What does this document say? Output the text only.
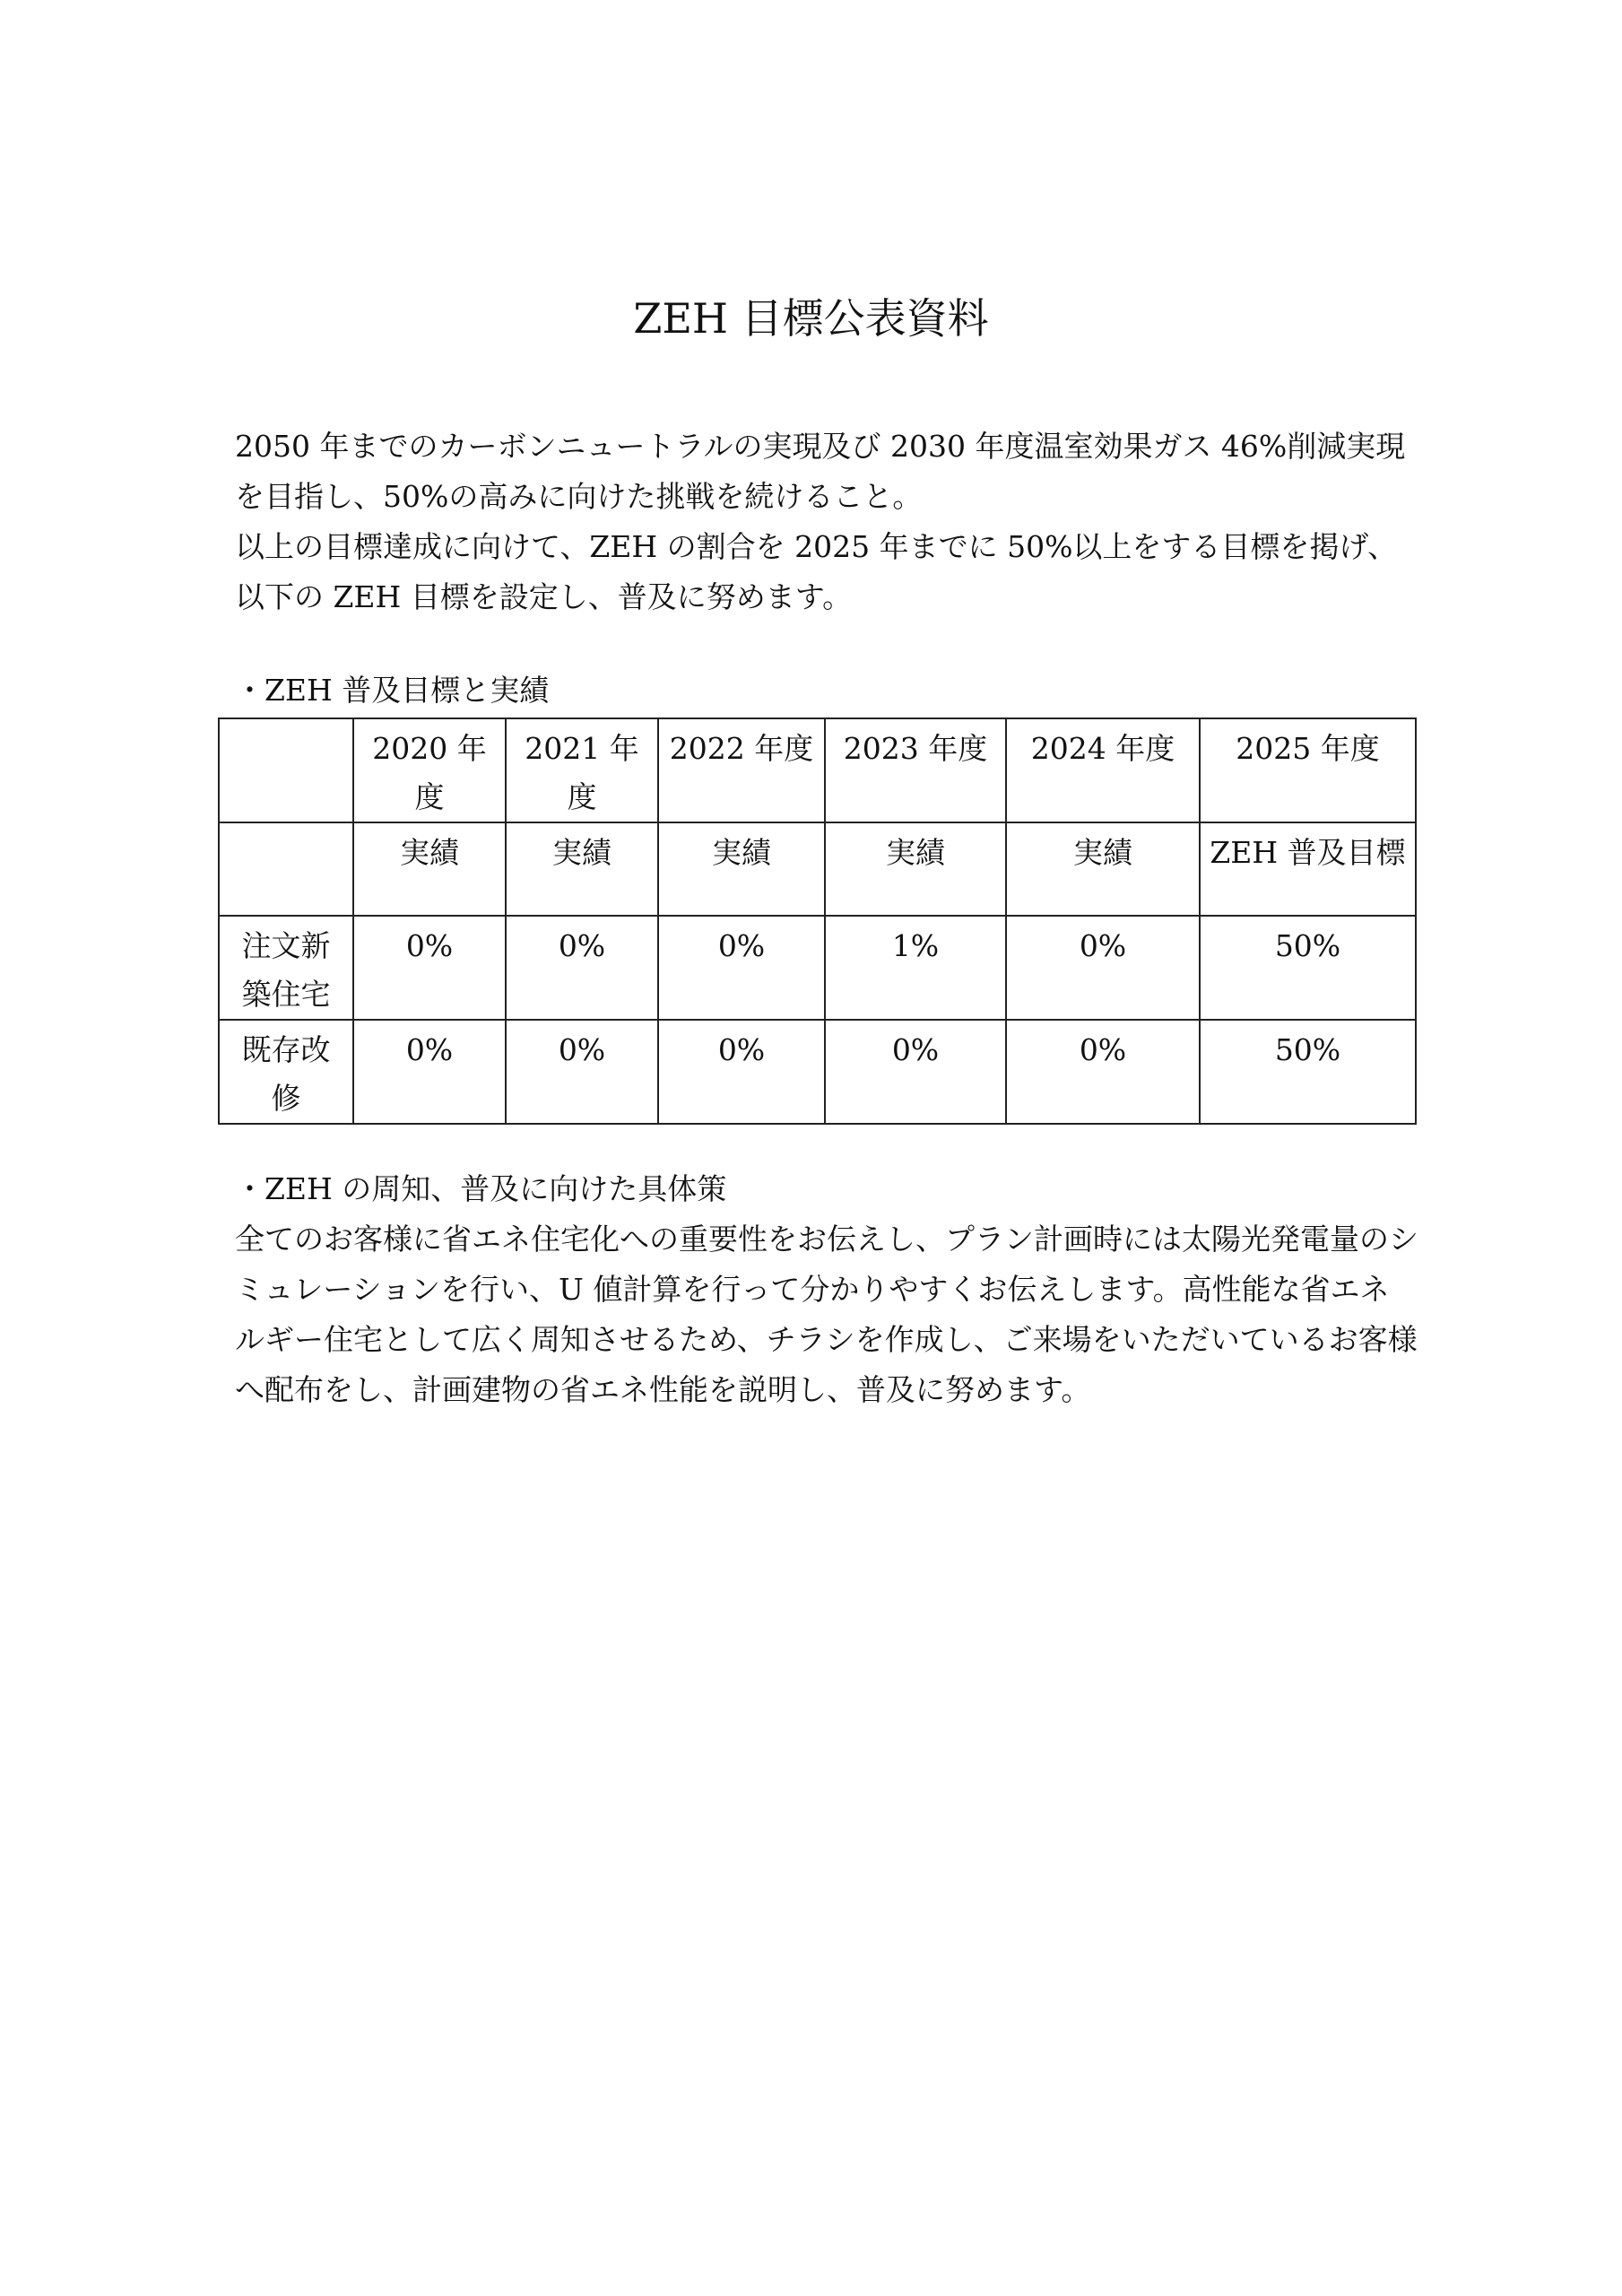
ZEH 目標公表資料

2050 年までのカーボンニュートラルの実現及び 2030 年度温室効果ガス 46%削減実現を目指し、50%の高みに向けた挑戦を続けること。

以上の目標達成に向けて、ZEH の割合を 2025 年までに 50%以上をする目標を掲げ、以下の ZEH 目標を設定し、普及に努めます。

・ZEH 普及目標と実績
	2020 年度	2021 年度	2022 年度	2023 年度	2024 年度	2025 年度
	実績	実績	実績	実績	実績	ZEH 普及目標
注文新築住宅	0%	0%	0%	1%	0%	50%
既存改修	0%	0%	0%	0%	0%	50%
・ZEH の周知、普及に向けた具体策

全てのお客様に省エネ住宅化への重要性をお伝えし、プラン計画時には太陽光発電量のシミュレーションを行い、U 値計算を行って分かりやすくお伝えします。高性能な省エネルギー住宅として広く周知させるため、チラシを作成し、ご来場をいただいているお客様へ配布をし、計画建物の省エネ性能を説明し、普及に努めます。
